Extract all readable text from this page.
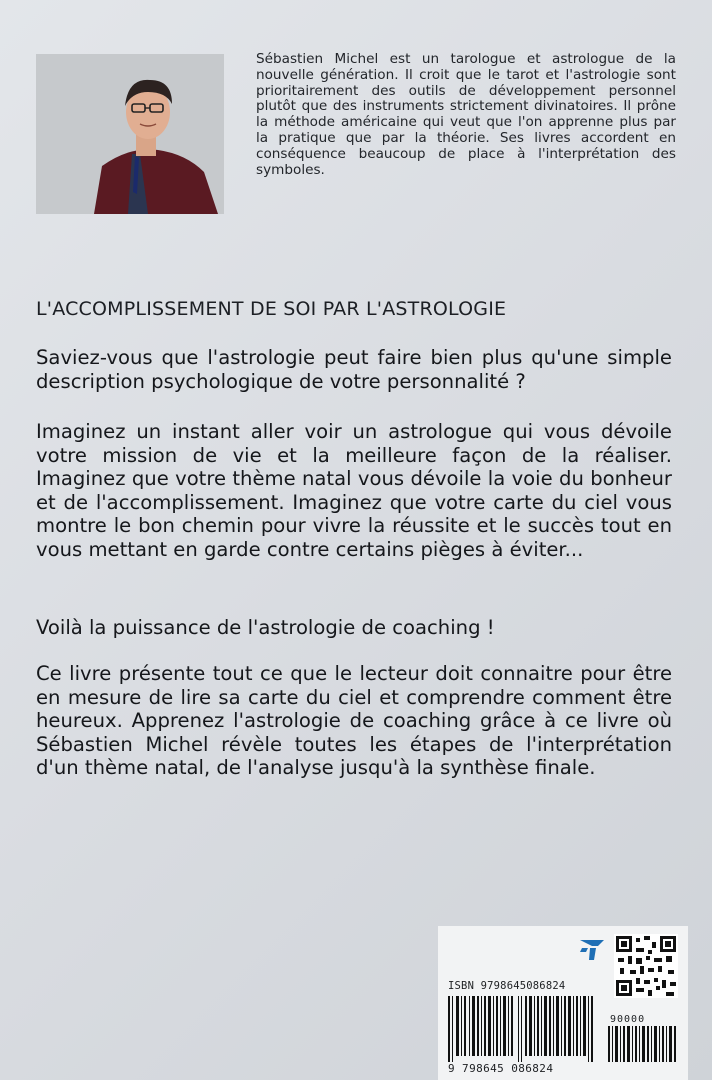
Sébastien Michel est un tarologue et astrologue de la nouvelle génération. Il croit que le tarot et l'astrologie sont prioritairement des outils de développement personnel plutôt que des instruments strictement divinatoires. Il prône la méthode américaine qui veut que l'on apprenne plus par la pratique que par la théorie. Ses livres accordent en conséquence beaucoup de place à l'interprétation des symboles.

L'ACCOMPLISSEMENT DE SOI PAR L'ASTROLOGIE

Saviez-vous que l'astrologie peut faire bien plus qu'une simple description psychologique de votre personnalité ?

Imaginez un instant aller voir un astrologue qui vous dévoile votre mission de vie et la meilleure façon de la réaliser. Imaginez que votre thème natal vous dévoile la voie du bonheur et de l'accomplissement. Imaginez que votre carte du ciel vous montre le bon chemin pour vivre la réussite et le succès tout en vous mettant en garde contre certains pièges à éviter...

Voilà la puissance de l'astrologie de coaching !

Ce livre présente tout ce que le lecteur doit connaitre pour être en mesure de lire sa carte du ciel et comprendre comment être heureux. Apprenez l'astrologie de coaching grâce à ce livre où Sébastien Michel révèle toutes les étapes de l'interprétation d'un thème natal, de l'analyse jusqu'à la synthèse finale.

ISBN 9798645086824
9 798645 086824
90000
